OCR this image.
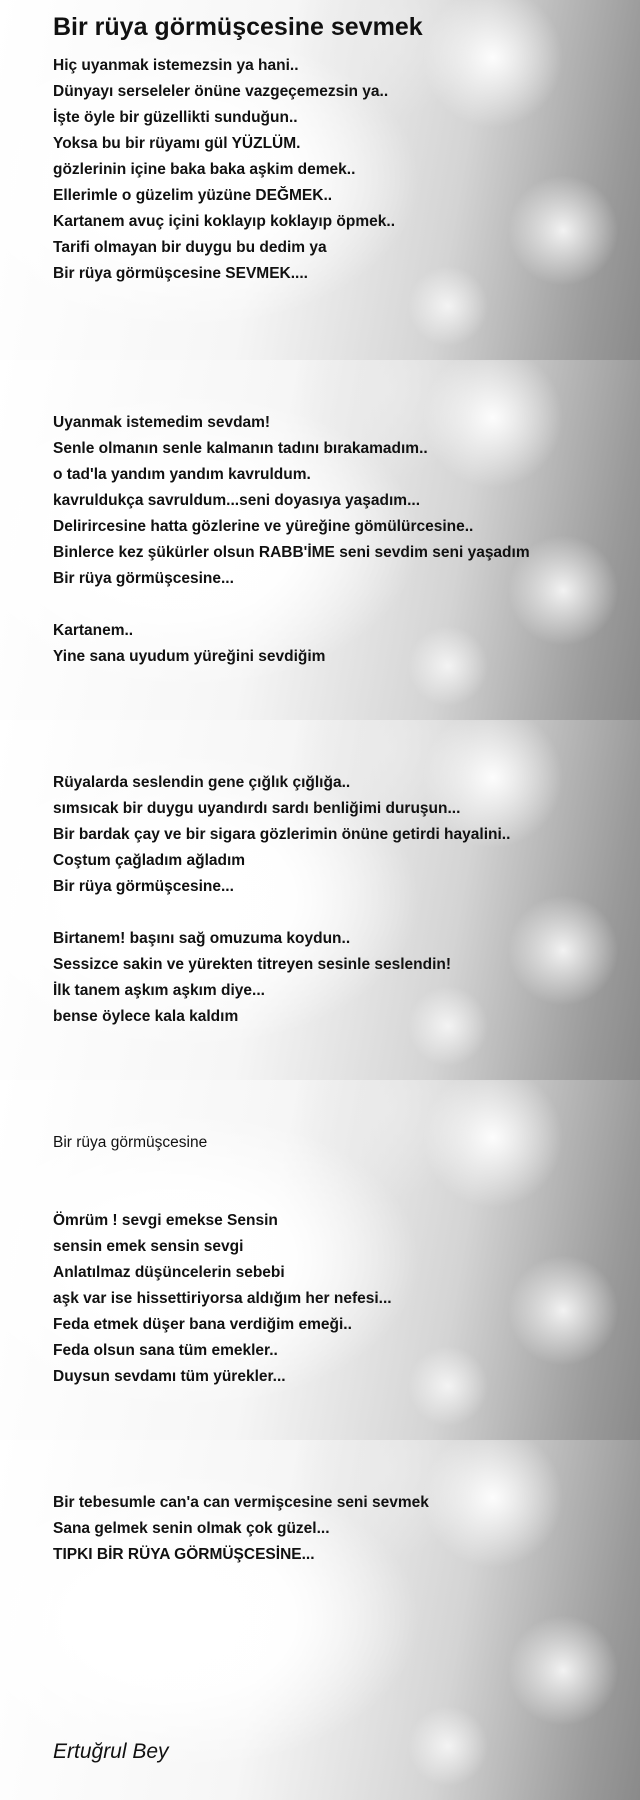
Bir rüya görmüşcesine sevmek
Hiç uyanmak istemezsin ya hani..
Dünyayı serseleler önüne vazgeçemezsin ya..
İşte öyle bir güzellikti sunduğun..
Yoksa bu bir rüyamı gül YÜZLÜM.
gözlerinin içine baka baka aşkim demek..
Ellerimle o güzelim yüzüne DEĞMEK..
Kartanem avuç içini koklayıp koklayıp öpmek..
Tarifi olmayan bir duygu bu dedim ya
Bir rüya görmüşcesine SEVMEK....
Uyanmak istemedim sevdam!
Senle olmanın senle kalmanın tadını bırakamadım..
o tad'la yandım yandım kavruldum.
kavruldukça savruldum...seni doyasıya yaşadım...
Delirircesine hatta gözlerine ve yüreğine gömülürcesine..
Binlerce kez şükürler olsun RABB'İME seni sevdim seni yaşadım
Bir rüya görmüşcesine...
Kartanem..
Yine sana uyudum yüreğini sevdiğim
Rüyalarda seslendin gene çığlık çığlığa..
sımsıcak bir duygu uyandırdı sardı benliğimi duruşun...
Bir bardak çay ve bir sigara gözlerimin önüne getirdi hayalini..
Coştum çağladım ağladım
Bir rüya görmüşcesine...
Birtanem! başını sağ omuzuma koydun..
Sessizce sakin ve yürekten titreyen sesinle seslendin!
İlk tanem aşkım aşkım diye...
bense öylece kala kaldım
Bir rüya görmüşcesine
Ömrüm ! sevgi emekse Sensin
sensin emek sensin sevgi
Anlatılmaz düşüncelerin sebebi
aşk var ise hissettiriyorsa aldığım her nefesi...
Feda etmek düşer bana verdiğim emeği..
Feda olsun sana tüm emekler..
Duysun sevdamı tüm yürekler...
Bir tebesumle can'a can vermişcesine seni sevmek
Sana gelmek senin olmak çok güzel...
TIPKI BİR RÜYA GÖRMÜŞCESİNE...
Ertuğrul Bey
